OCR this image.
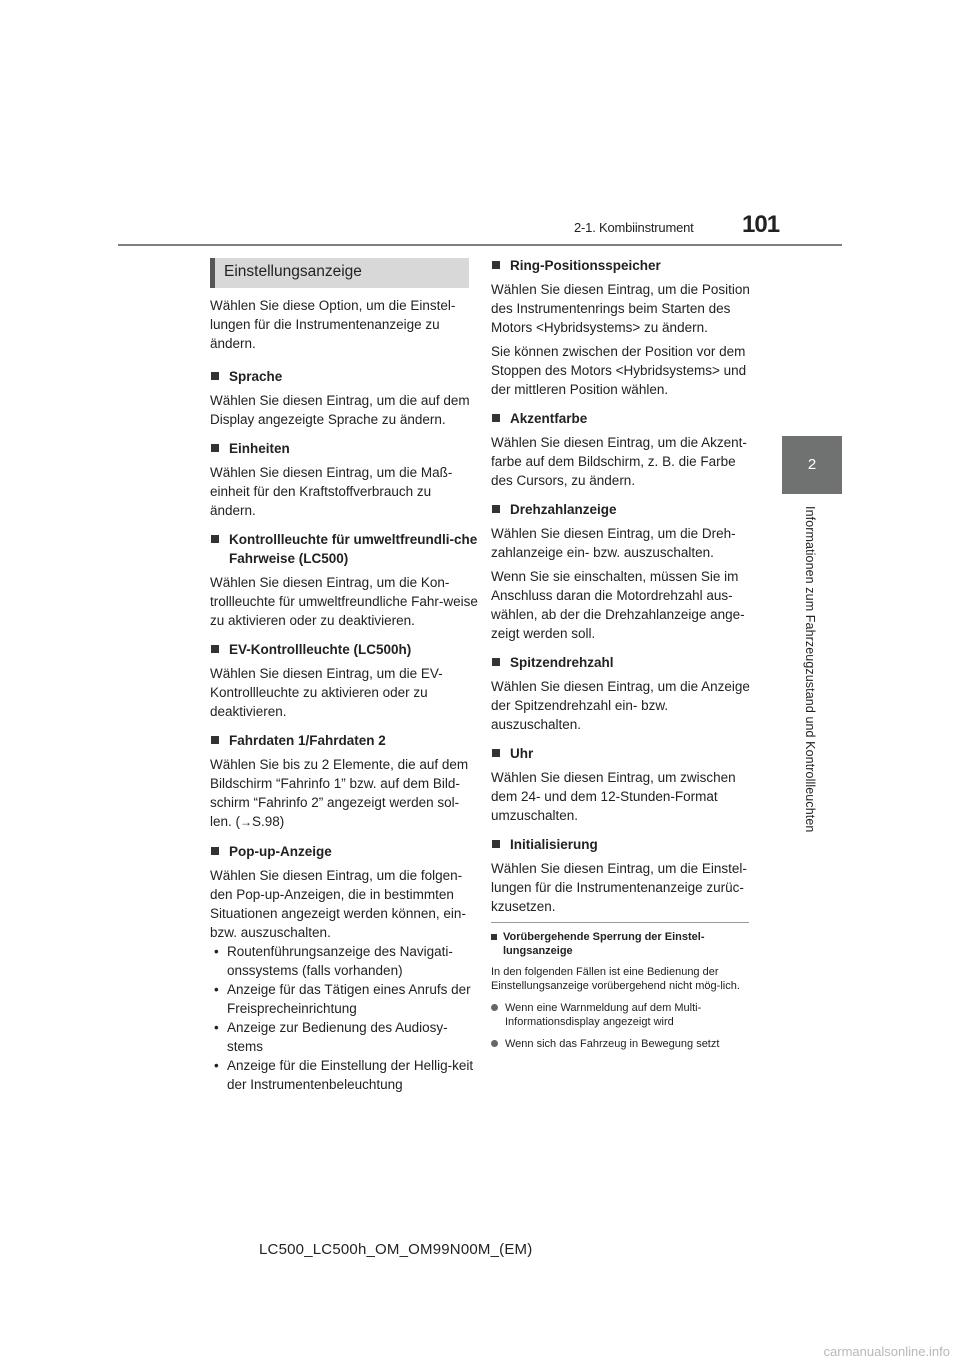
2-1. Kombiinstrument 101
2
Informationen zum Fahrzeugzustand und Kontrollleuchten
Einstellungsanzeige

Wählen Sie diese Option, um die Einstel-lungen für die Instrumentenanzeige zu ändern.

Sprache

Wählen Sie diesen Eintrag, um die auf dem Display angezeigte Sprache zu ändern.

Einheiten

Wählen Sie diesen Eintrag, um die Maß-einheit für den Kraftstoffverbrauch zu ändern.

Kontrollleuchte für umweltfreundli-che Fahrweise (LC500)

Wählen Sie diesen Eintrag, um die Kon-trollleuchte für umweltfreundliche Fahr-weise zu aktivieren oder zu deaktivieren.

EV-Kontrollleuchte (LC500h)

Wählen Sie diesen Eintrag, um die EV-Kontrollleuchte zu aktivieren oder zu deaktivieren.

Fahrdaten 1/Fahrdaten 2

Wählen Sie bis zu 2 Elemente, die auf dem Bildschirm “Fahrinfo 1” bzw. auf dem Bild-schirm “Fahrinfo 2” angezeigt werden sol-len. (→S.98)

Pop-up-Anzeige

Wählen Sie diesen Eintrag, um die folgen-den Pop-up-Anzeigen, die in bestimmten Situationen angezeigt werden können, ein- bzw. auszuschalten.

• Routenführungsanzeige des Navigati-onssystems (falls vorhanden)
• Anzeige für das Tätigen eines Anrufs der Freisprecheinrichtung
• Anzeige zur Bedienung des Audiosy-stems
• Anzeige für die Einstellung der Hellig-keit der Instrumentenbeleuchtung
Ring-Positionsspeicher

Wählen Sie diesen Eintrag, um die Position des Instrumentenrings beim Starten des Motors <Hybridsystems> zu ändern.

Sie können zwischen der Position vor dem Stoppen des Motors <Hybridsystems> und der mittleren Position wählen.

Akzentfarbe

Wählen Sie diesen Eintrag, um die Akzent-farbe auf dem Bildschirm, z. B. die Farbe des Cursors, zu ändern.

Drehzahlanzeige

Wählen Sie diesen Eintrag, um die Dreh-zahlanzeige ein- bzw. auszuschalten.

Wenn Sie sie einschalten, müssen Sie im Anschluss daran die Motordrehzahl aus-wählen, ab der die Drehzahlanzeige ange-zeigt werden soll.

Spitzendrehzahl

Wählen Sie diesen Eintrag, um die Anzeige der Spitzendrehzahl ein- bzw. auszuschalten.

Uhr

Wählen Sie diesen Eintrag, um zwischen dem 24- und dem 12-Stunden-Format umzuschalten.

Initialisierung

Wählen Sie diesen Eintrag, um die Einstel-lungen für die Instrumentenanzeige zurüc-kzusetzen.

Vorübergehende Sperrung der Einstel-lungsanzeige

In den folgenden Fällen ist eine Bedienung der Einstellungsanzeige vorübergehend nicht mög-lich.

Wenn eine Warnmeldung auf dem Multi-Informationsdisplay angezeigt wird
Wenn sich das Fahrzeug in Bewegung setzt
LC500_LC500h_OM_OM99N00M_(EM)
carmanualsonline.info
